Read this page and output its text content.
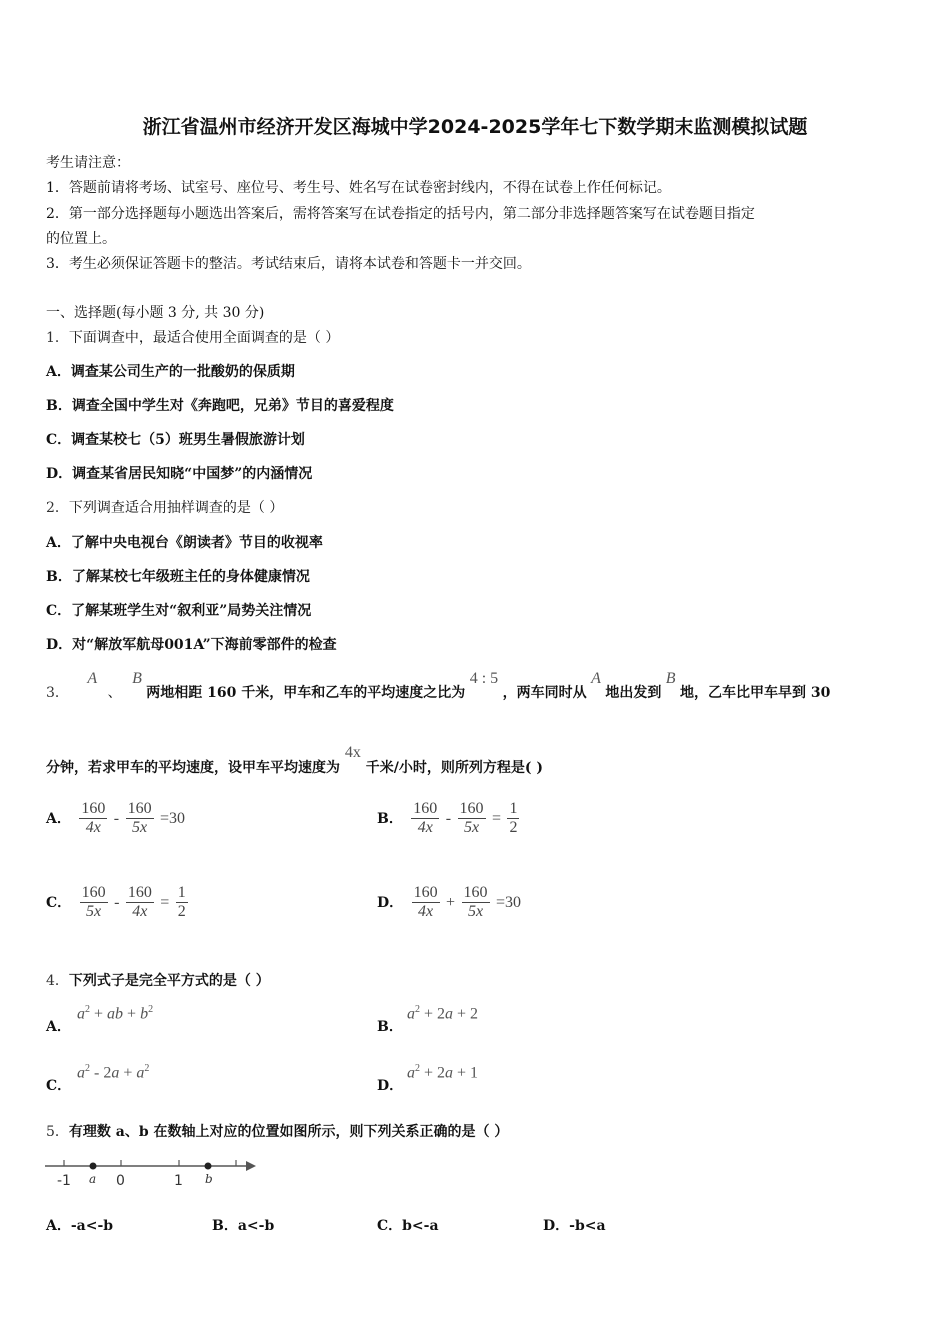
浙江省温州市经济开发区海城中学2024-2025学年七下数学期末监测模拟试题
考生请注意：
1．答题前请将考场、试室号、座位号、考生号、姓名写在试卷密封线内，不得在试卷上作任何标记。
2．第一部分选择题每小题选出答案后，需将答案写在试卷指定的括号内，第二部分非选择题答案写在试卷题目指定
的位置上。
3．考生必须保证答题卡的整洁。考试结束后，请将本试卷和答题卡一并交回。
一、选择题(每小题 3 分, 共 30 分)
1．下面调查中，最适合使用全面调查的是（ ）
A．调查某公司生产的一批酸奶的保质期
B．调查全国中学生对《奔跑吧，兄弟》节目的喜爱程度
C．调查某校七（5）班男生暑假旅游计划
D．调查某省居民知晓“中国梦”的内涵情况
2．下列调查适合用抽样调查的是（ ）
A．了解中央电视台《朗读者》节目的收视率
B．了解某校七年级班主任的身体健康情况
C．了解某班学生对“叙利亚”局势关注情况
D．对“解放军航母001A”下海前零部件的检查
3． A 、 B 两地相距 160 千米，甲车和乙车的平均速度之比为 4 : 5 ，两车同时从 A 地出发到 B 地，乙车比甲车早到 30
分钟，若求甲车的平均速度，设甲车平均速度为 4x 千米/小时，则所列方程是( )
A． $\frac{160}{4x} - \frac{160}{5x} =30$	B． $\frac{160}{4x} - \frac{160}{5x} = \frac{1}{2}$
C． $\frac{160}{5x} - \frac{160}{4x} = \frac{1}{2}$	D． $\frac{160}{4x} + \frac{160}{5x} =30$
4．下列式子是完全平方式的是（ ）
A．
$a^2$ + ab + $b^2$
B．
$a^2 + 2a + 2$
C．
$a^2 - 2a + a^2$
D．
$a^2 + 2a + 1$
5．有理数 a、b 在数轴上对应的位置如图所示，则下列关系正确的是（ ）
-1	0	1
a	b
A．-a<-b	B．a<-b	C．b<-a	D．-b<a
